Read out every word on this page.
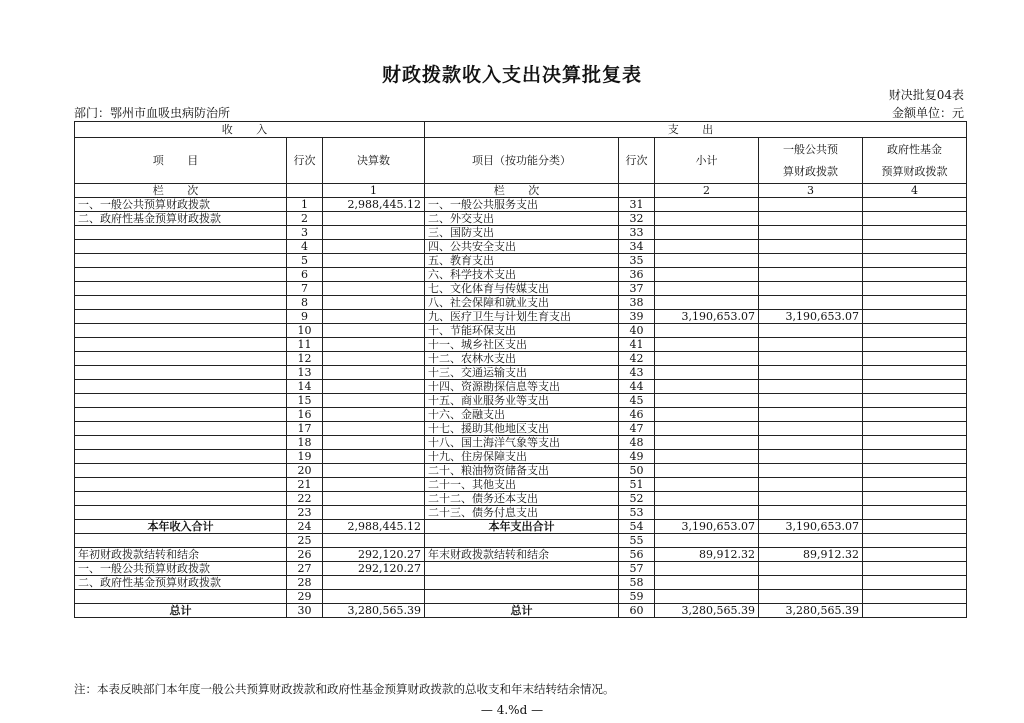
财政拨款收入支出决算批复表
财决批复04表
金额单位：元
部门：鄂州市血吸虫病防治所
收 入			支 出				
项 目	行次	决算数	项目（按功能分类）	行次	小计	一般公共预
算财政拨款	政府性基金
预算财政拨款
栏 次		1	栏 次		2	3	4
一、一般公共预算财政拨款	1	2,988,445.12	一、一般公共服务支出	31			
二、政府性基金预算财政拨款	2		二、外交支出	32			
	3		三、国防支出	33			
	4		四、公共安全支出	34			
	5		五、教育支出	35			
	6		六、科学技术支出	36			
	7		七、文化体育与传媒支出	37			
	8		八、社会保障和就业支出	38			
	9		九、医疗卫生与计划生育支出	39	3,190,653.07	3,190,653.07	
	10		十、节能环保支出	40			
	11		十一、城乡社区支出	41			
	12		十二、农林水支出	42			
	13		十三、交通运输支出	43			
	14		十四、资源勘探信息等支出	44			
	15		十五、商业服务业等支出	45			
	16		十六、金融支出	46			
	17		十七、援助其他地区支出	47			
	18		十八、国土海洋气象等支出	48			
	19		十九、住房保障支出	49			
	20		二十、粮油物资储备支出	50			
	21		二十一、其他支出	51			
	22		二十二、债务还本支出	52			
	23		二十三、债务付息支出	53			
本年收入合计	24	2,988,445.12	本年支出合计	54	3,190,653.07	3,190,653.07	
	25			55			
年初财政拨款结转和结余	26	292,120.27	年末财政拨款结转和结余	56	89,912.32	89,912.32	
一、一般公共预算财政拨款	27	292,120.27		57			
二、政府性基金预算财政拨款	28			58			
	29			59			
总计	30	3,280,565.39	总计	60	3,280,565.39	3,280,565.39	
注：本表反映部门本年度一般公共预算财政拨款和政府性基金预算财政拨款的总收支和年末结转结余情况。
— 4.%d —
